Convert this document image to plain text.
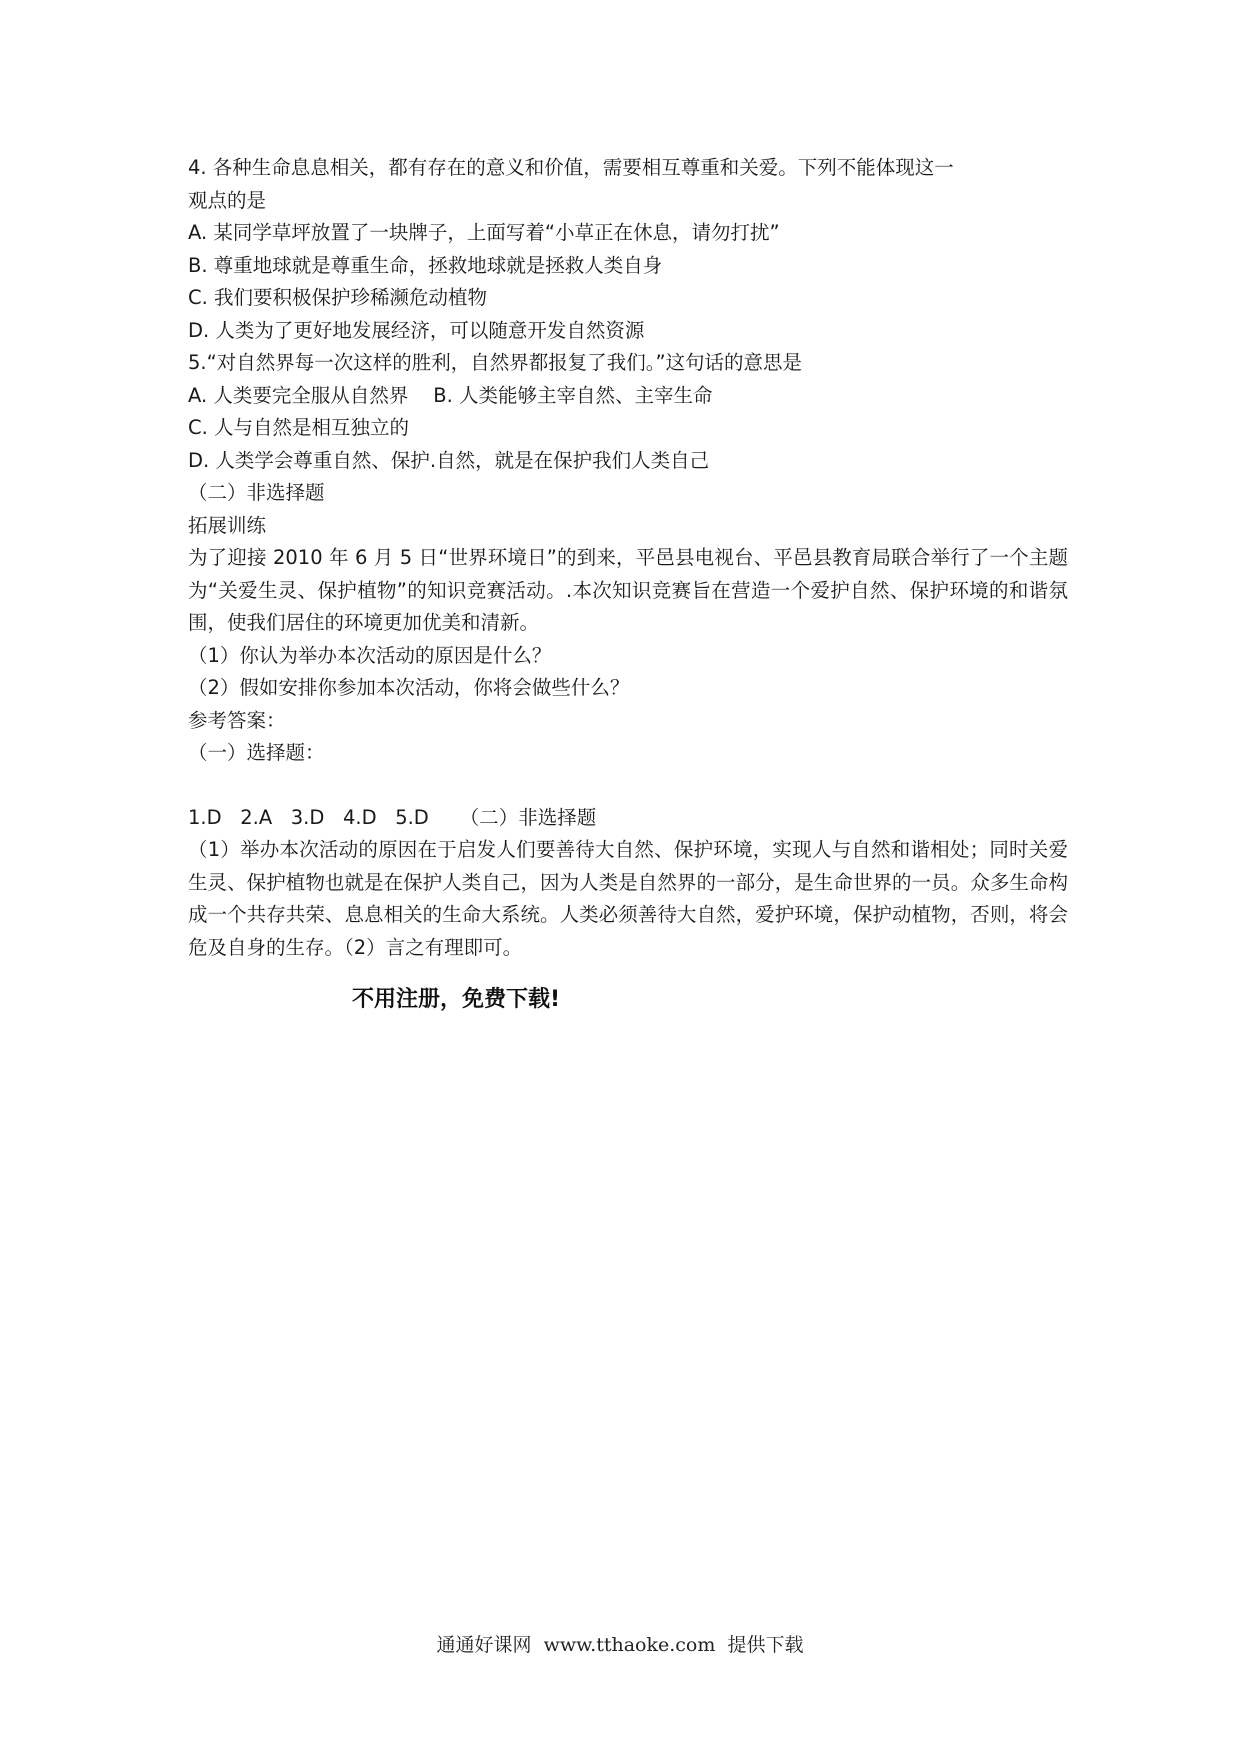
4. 各种生命息息相关，都有存在的意义和价值，需要相互尊重和关爱。下列不能体现这一
观点的是
A. 某同学草坪放置了一块牌子，上面写着“小草正在休息，请勿打扰”
B. 尊重地球就是尊重生命，拯救地球就是拯救人类自身
C. 我们要积极保护珍稀濒危动植物
D. 人类为了更好地发展经济，可以随意开发自然资源
5.“对自然界每一次这样的胜利，自然界都报复了我们。”这句话的意思是
A. 人类要完全服从自然界    B. 人类能够主宰自然、主宰生命
C. 人与自然是相互独立的
D. 人类学会尊重自然、保护.自然，就是在保护我们人类自己
（二）非选择题
拓展训练
为了迎接 2010 年 6 月 5 日“世界环境日”的到来，平邑县电视台、平邑县教育局联合举行了一个主题为“关爱生灵、保护植物”的知识竞赛活动。.本次知识竞赛旨在营造一个爱护自然、保护环境的和谐氛围，使我们居住的环境更加优美和清新。
（1）你认为举办本次活动的原因是什么？
（2）假如安排你参加本次活动，你将会做些什么？
参考答案：
（一）选择题：
1.D   2.A   3.D   4.D   5.D     （二）非选择题
（1）举办本次活动的原因在于启发人们要善待大自然、保护环境，实现人与自然和谐相处；同时关爱生灵、保护植物也就是在保护人类自己，因为人类是自然界的一部分，是生命世界的一员。众多生命构成一个共存共荣、息息相关的生命大系统。人类必须善待大自然，爱护环境，保护动植物，否则，将会危及自身的生存。（2）言之有理即可。
不用注册，免费下载!
通通好课网  www.tthaoke.com  提供下载
